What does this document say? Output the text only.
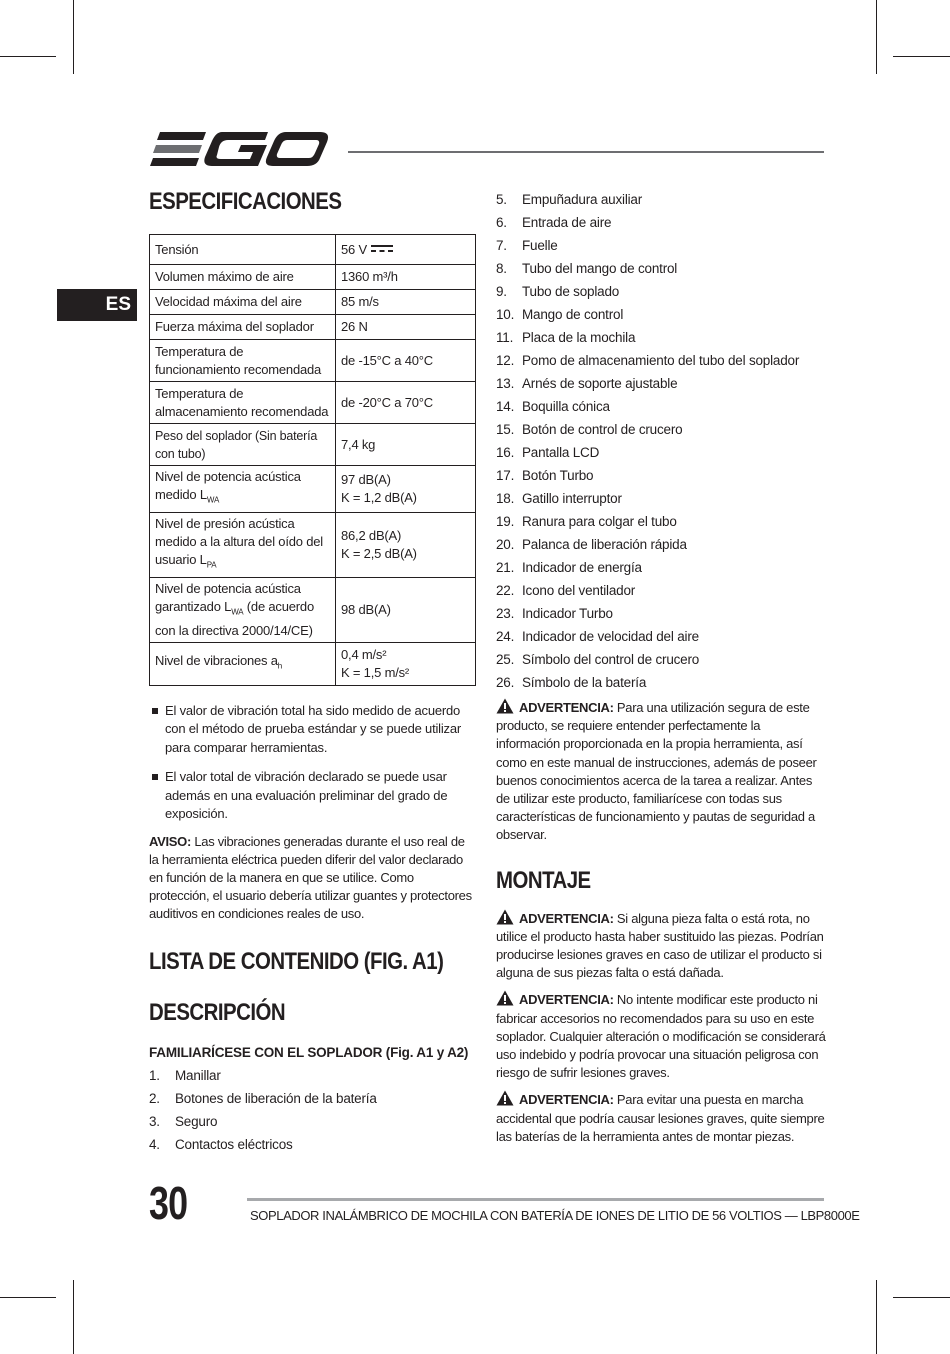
ES
ESPECIFICACIONES
Tensión	56 V
Volumen máximo de aire	1360 m³/h
Velocidad máxima del aire	85 m/s
Fuerza máxima del soplador	26 N
Temperatura de funcionamiento recomendada	de -15°C a 40°C
Temperatura de almacenamiento recomendada	de -20°C a 70°C
Peso del soplador (Sin batería con tubo)	7,4 kg
Nivel de potencia acústica medido $L_{WA}$	97 dB(A)
K = 1,2 dB(A)
Nivel de presión acústica medido a la altura del oído del usuario $L_{PA}$	86,2 dB(A)
K = 2,5 dB(A)
Nivel de potencia acústica garantizado $L_{WA}$ (de acuerdo con la directiva 2000/14/CE)	98 dB(A)
Nivel de vibraciones $a_h$	0,4 m/s²
K = 1,5 m/s²
El valor de vibración total ha sido medido de acuerdo con el método de prueba estándar y se puede utilizar para comparar herramientas.
El valor total de vibración declarado se puede usar además en una evaluación preliminar del grado de exposición.

AVISO: Las vibraciones generadas durante el uso real de la herramienta eléctrica pueden diferir del valor declarado en función de la manera en que se utilice. Como protección, el usuario debería utilizar guantes y protectores auditivos en condiciones reales de uso.

LISTA DE CONTENIDO (FIG. A1)
DESCRIPCIÓN

FAMILIARÍCESE CON EL SOPLADOR (Fig. A1 y A2)

1. Manillar
2. Botones de liberación de la batería
3. Seguro
4. Contactos eléctricos
5. Empuñadura auxiliar
6. Entrada de aire
7. Fuelle
8. Tubo del mango de control
9. Tubo de soplado
10. Mango de control
11. Placa de la mochila
12. Pomo de almacenamiento del tubo del soplador
13. Arnés de soporte ajustable
14. Boquilla cónica
15. Botón de control de crucero
16. Pantalla LCD
17. Botón Turbo
18. Gatillo interruptor
19. Ranura para colgar el tubo
20. Palanca de liberación rápida
21. Indicador de energía
22. Icono del ventilador
23. Indicador Turbo
24. Indicador de velocidad del aire
25. Símbolo del control de crucero
26. Símbolo de la batería

ADVERTENCIA: Para una utilización segura de este producto, se requiere entender perfectamente la información proporcionada en la propia herramienta, así como en este manual de instrucciones, además de poseer buenos conocimientos acerca de la tarea a realizar. Antes de utilizar este producto, familiarícese con todas sus características de funcionamiento y pautas de seguridad a observar.

MONTAJE

ADVERTENCIA: Si alguna pieza falta o está rota, no utilice el producto hasta haber sustituido las piezas. Podrían producirse lesiones graves en caso de utilizar el producto si alguna de sus piezas falta o está dañada.

ADVERTENCIA: No intente modificar este producto ni fabricar accesorios no recomendados para su uso en este soplador. Cualquier alteración o modificación se considerará uso indebido y podría provocar una situación peligrosa con riesgo de sufrir lesiones graves.

ADVERTENCIA: Para evitar una puesta en marcha accidental que podría causar lesiones graves, quite siempre las baterías de la herramienta antes de montar piezas.

30	SOPLADOR INALÁMBRICO DE MOCHILA CON BATERÍA DE IONES DE LITIO DE 56 VOLTIOS — LBP8000E
